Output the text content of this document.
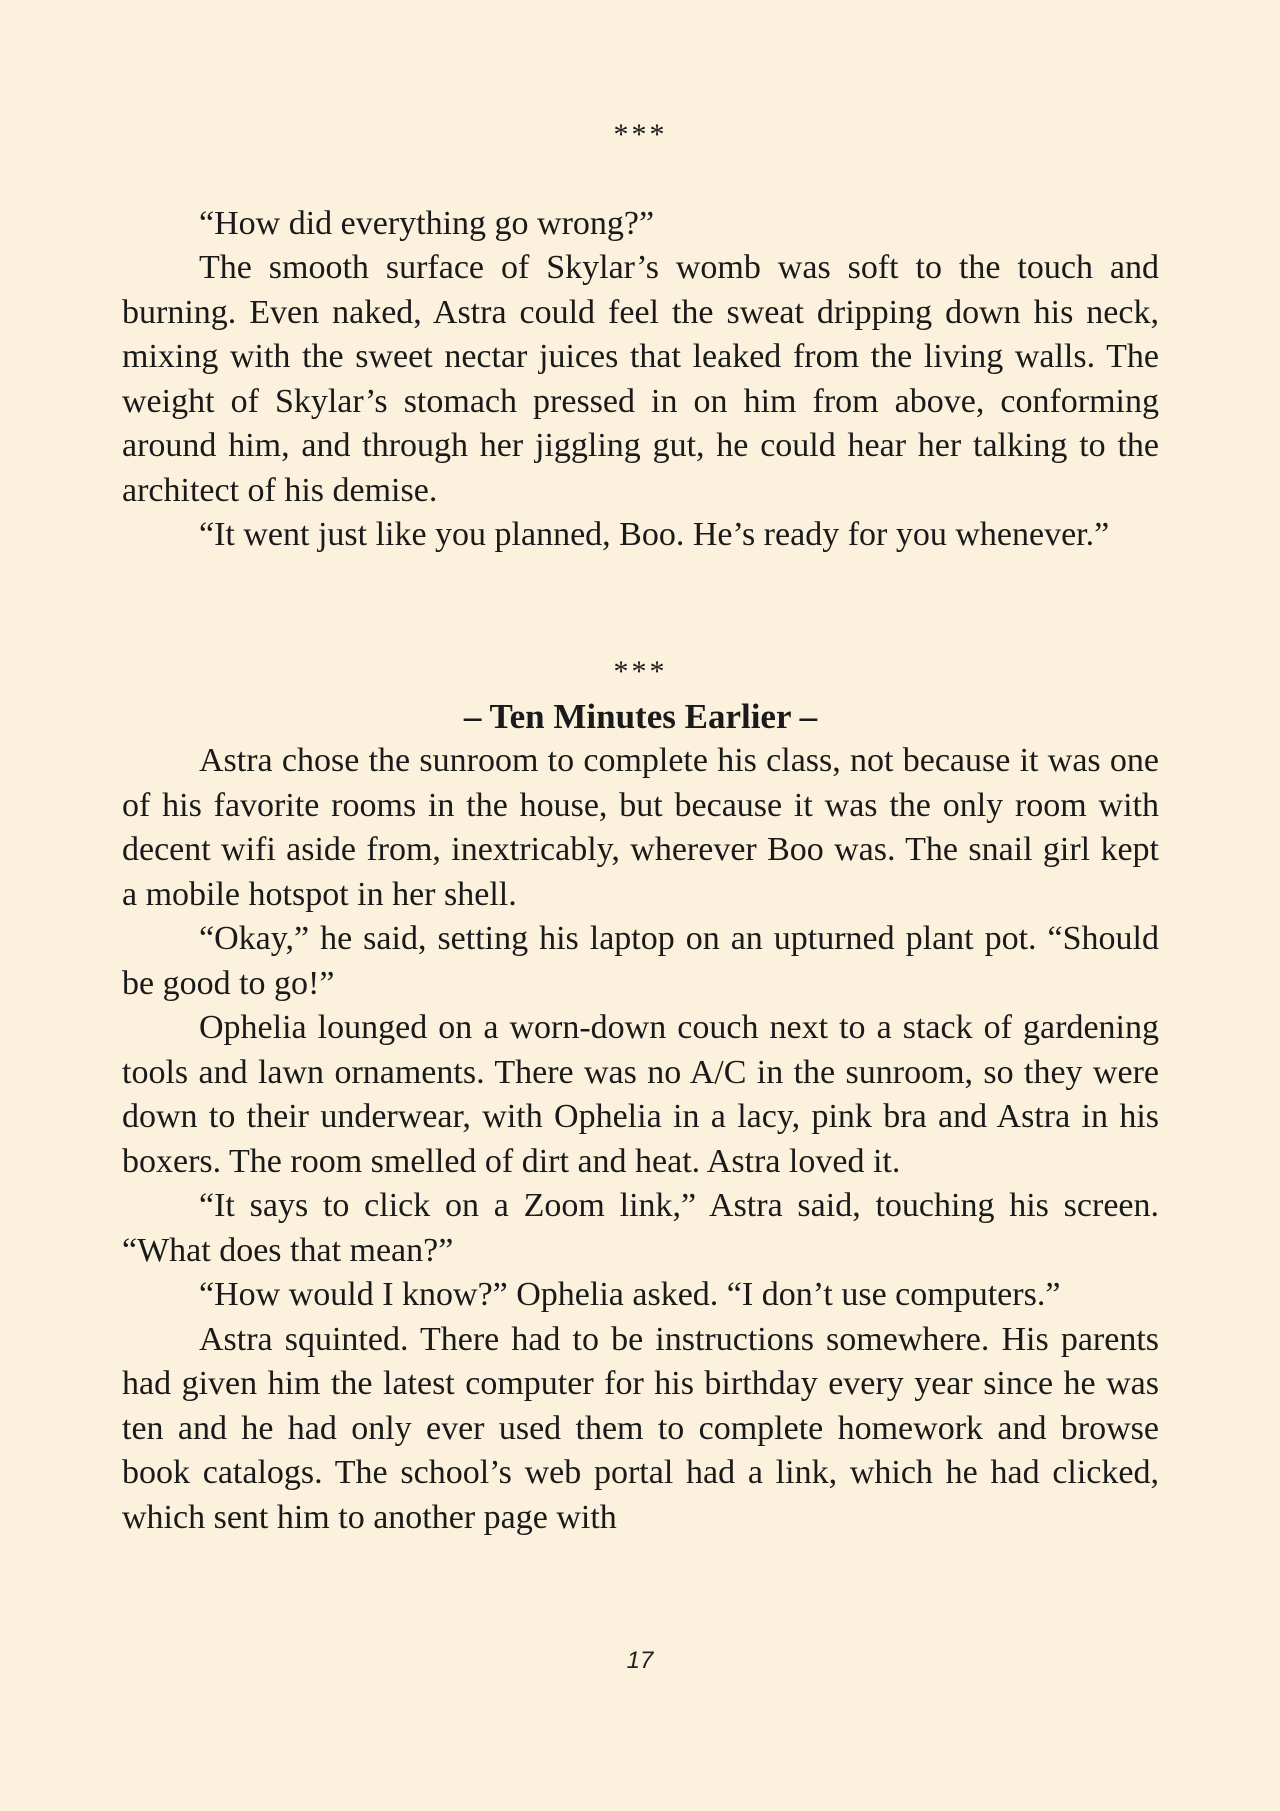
***

“How did everything go wrong?”

The smooth surface of Skylar’s womb was soft to the touch and burning. Even naked, Astra could feel the sweat dripping down his neck, mixing with the sweet nectar juices that leaked from the living walls. The weight of Skylar’s stomach pressed in on him from above, conforming around him, and through her jiggling gut, he could hear her talking to the architect of his demise.

“It went just like you planned, Boo. He’s ready for you whenever.”

***
– Ten Minutes Earlier –

Astra chose the sunroom to complete his class, not because it was one of his favorite rooms in the house, but because it was the only room with decent wifi aside from, inextricably, wherever Boo was. The snail girl kept a mobile hotspot in her shell.

“Okay,” he said, setting his laptop on an upturned plant pot. “Should be good to go!”

Ophelia lounged on a worn-down couch next to a stack of gardening tools and lawn ornaments. There was no A/C in the sunroom, so they were down to their underwear, with Ophelia in a lacy, pink bra and Astra in his boxers. The room smelled of dirt and heat. Astra loved it.

“It says to click on a Zoom link,” Astra said, touching his screen. “What does that mean?”

“How would I know?” Ophelia asked. “I don’t use computers.”

Astra squinted. There had to be instructions somewhere. His parents had given him the latest computer for his birthday every year since he was ten and he had only ever used them to complete homework and browse book catalogs. The school’s web portal had a link, which he had clicked, which sent him to another page with

17
